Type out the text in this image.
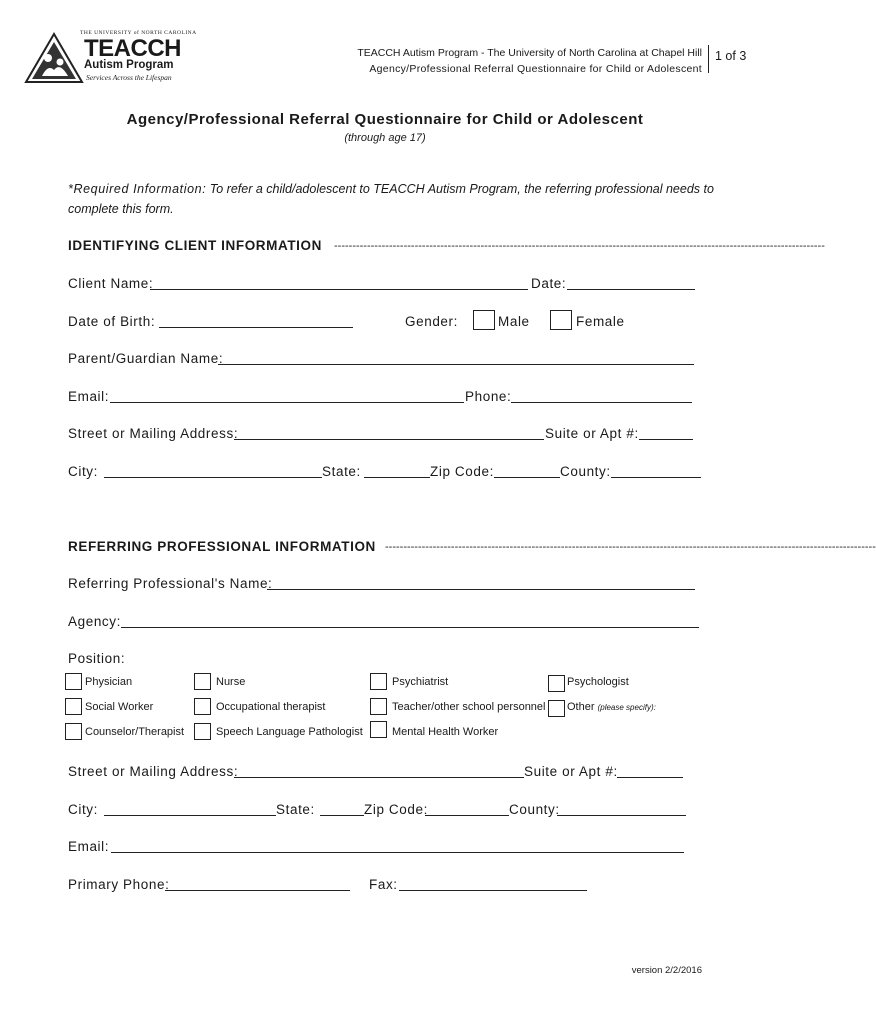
THE UNIVERSITY of NORTH CAROLINA
TEACCH
Autism Program
Services Across the Lifespan
TEACCH Autism Program - The University of North Carolina at Chapel Hill
Agency/Professional Referral Questionnaire for Child or Adolescent
1 of 3
Agency/Professional Referral Questionnaire for Child or Adolescent
(through age 17)
*Required Information: To refer a child/adolescent to TEACCH Autism Program, the referring professional needs to
complete this form.
IDENTIFYING CLIENT INFORMATION --------------------------------------------------------------------------------------------------------------------------------------
Client Name:	Date:
Date of Birth:	Gender:	Male	Female
Parent/Guardian Name:
Email:	Phone:
Street or Mailing Address:	Suite or Apt #:
City:	State:	Zip Code:	County:
REFERRING PROFESSIONAL INFORMATION --------------------------------------------------------------------------------------------------------------------------------------
Referring Professional's Name:
Agency:
Position:
Physician	Nurse	Psychiatrist	Psychologist
Social Worker	Occupational therapist	Teacher/other school personnel Other (please specify):
Counselor/Therapist	Speech Language Pathologist	Mental Health Worker
Street or Mailing Address:	Suite or Apt #:
City:	State:	Zip Code:	County:
Email:
Primary Phone:	Fax:
version 2/2/2016
